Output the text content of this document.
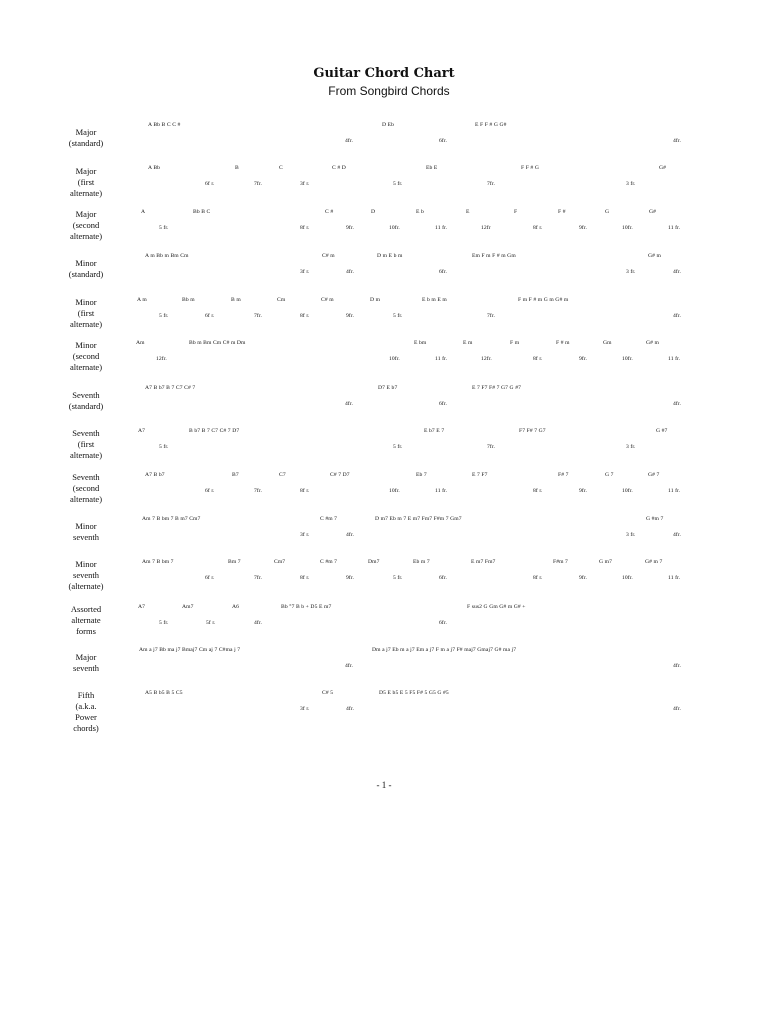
Guitar Chord Chart
From Songbird Chords
Major
(standard)
A Bb B C C #	D Eb	E F F # G G#
4fr.	6fr.	4fr.
Major
(first
alternate)
A Bb	B	C	C # D	Eb E	F F # G	G#
6f r.	7fr.	3f r.	5 fr.	7fr.	3 fr.
Major
(second
alternate)
A	Bb B C	C #	D	E b	E	F	F #	G	G#
5 fr.	8f r.	9fr.	10fr.	11 fr.	12fr	8f r.	9fr.	10fr.	11 fr.
Minor
(standard)
A m Bb m Bm Cm	C# m	D m E b m	Em F m F # m Gm	G# m
3f r.	4fr.	6fr.	3 fr.	4fr.
Minor
(first
alternate)
A m	Bb m	B m	Cm	C# m	D m	E b m E m	F m F # m G m G# m
5 fr.	6f r.	7fr.	8f r.	9fr.	5 fr.	7fr.	4fr.
Minor
(second
alternate)
Am	Bb m Bm Cm C# m Dm	E bm	E m	F m	F # m	Gm	G# m
12fr.	10fr.	11 fr.	12fr.	8f r.	9fr.	10fr.	11 fr.
Seventh
(standard)
A7 B b7 B 7 C7 C# 7	D7 E b7	E 7 F7 F# 7 G7 G #7
4fr.	6fr.	4fr.
Seventh
(first
alternate)
A7	B b7 B 7 C7 C# 7 D7	E b7 E 7	F7 F# 7 G7	G #7
5 fr.	5 fr.	7fr.	3 fr.
Seventh
(second
alternate)
A7 B b7	B7	C7	C# 7 D7	Eb 7	E 7 F7	F# 7	G 7	G# 7
6f r.	7fr.	8f r.	10fr.	11 fr.	8f r.	9fr.	10fr.	11 fr.
Minor
seventh
Am 7 B bm 7 B m7 Cm7	C #m 7	D m7 Eb m 7 E m7 Fm7 F#m 7 Gm7	G #m 7
3f r.	4fr.	3 fr.	4fr.
Minor
seventh
(alternate)
Am 7 B bm 7	Bm 7	Cm7	C #m 7	Dm7	Eb m 7	E m7 Fm7	F#m 7	G m7	G# m 7
6f r.	7fr.	8f r.	9fr.	5 fr.	6fr.	8f r.	9fr.	10fr.	11 fr.
Assorted
alternate
forms
A7	Am7	A6	Bb °7 B b + D5 E m7	F sus2 G Gm G# m G# +
5 fr.	5f r.	4fr.	6fr.
Major
seventh
Am a j7 Bb ma j7 Bmaj7 Cm aj 7 C#ma j 7	Dm a j7 Eb m a j7 Em a j7 F m a j7 F# maj7 Gmaj7 G# ma j7
4fr.	4fr.
Fifth
(a.k.a.
Power
chords)
A5 B b5 B 5 C5	C# 5	D5 E b5 E 5 F5 F# 5 G5 G #5
3f r.	4fr.	4fr.
- 1 -
